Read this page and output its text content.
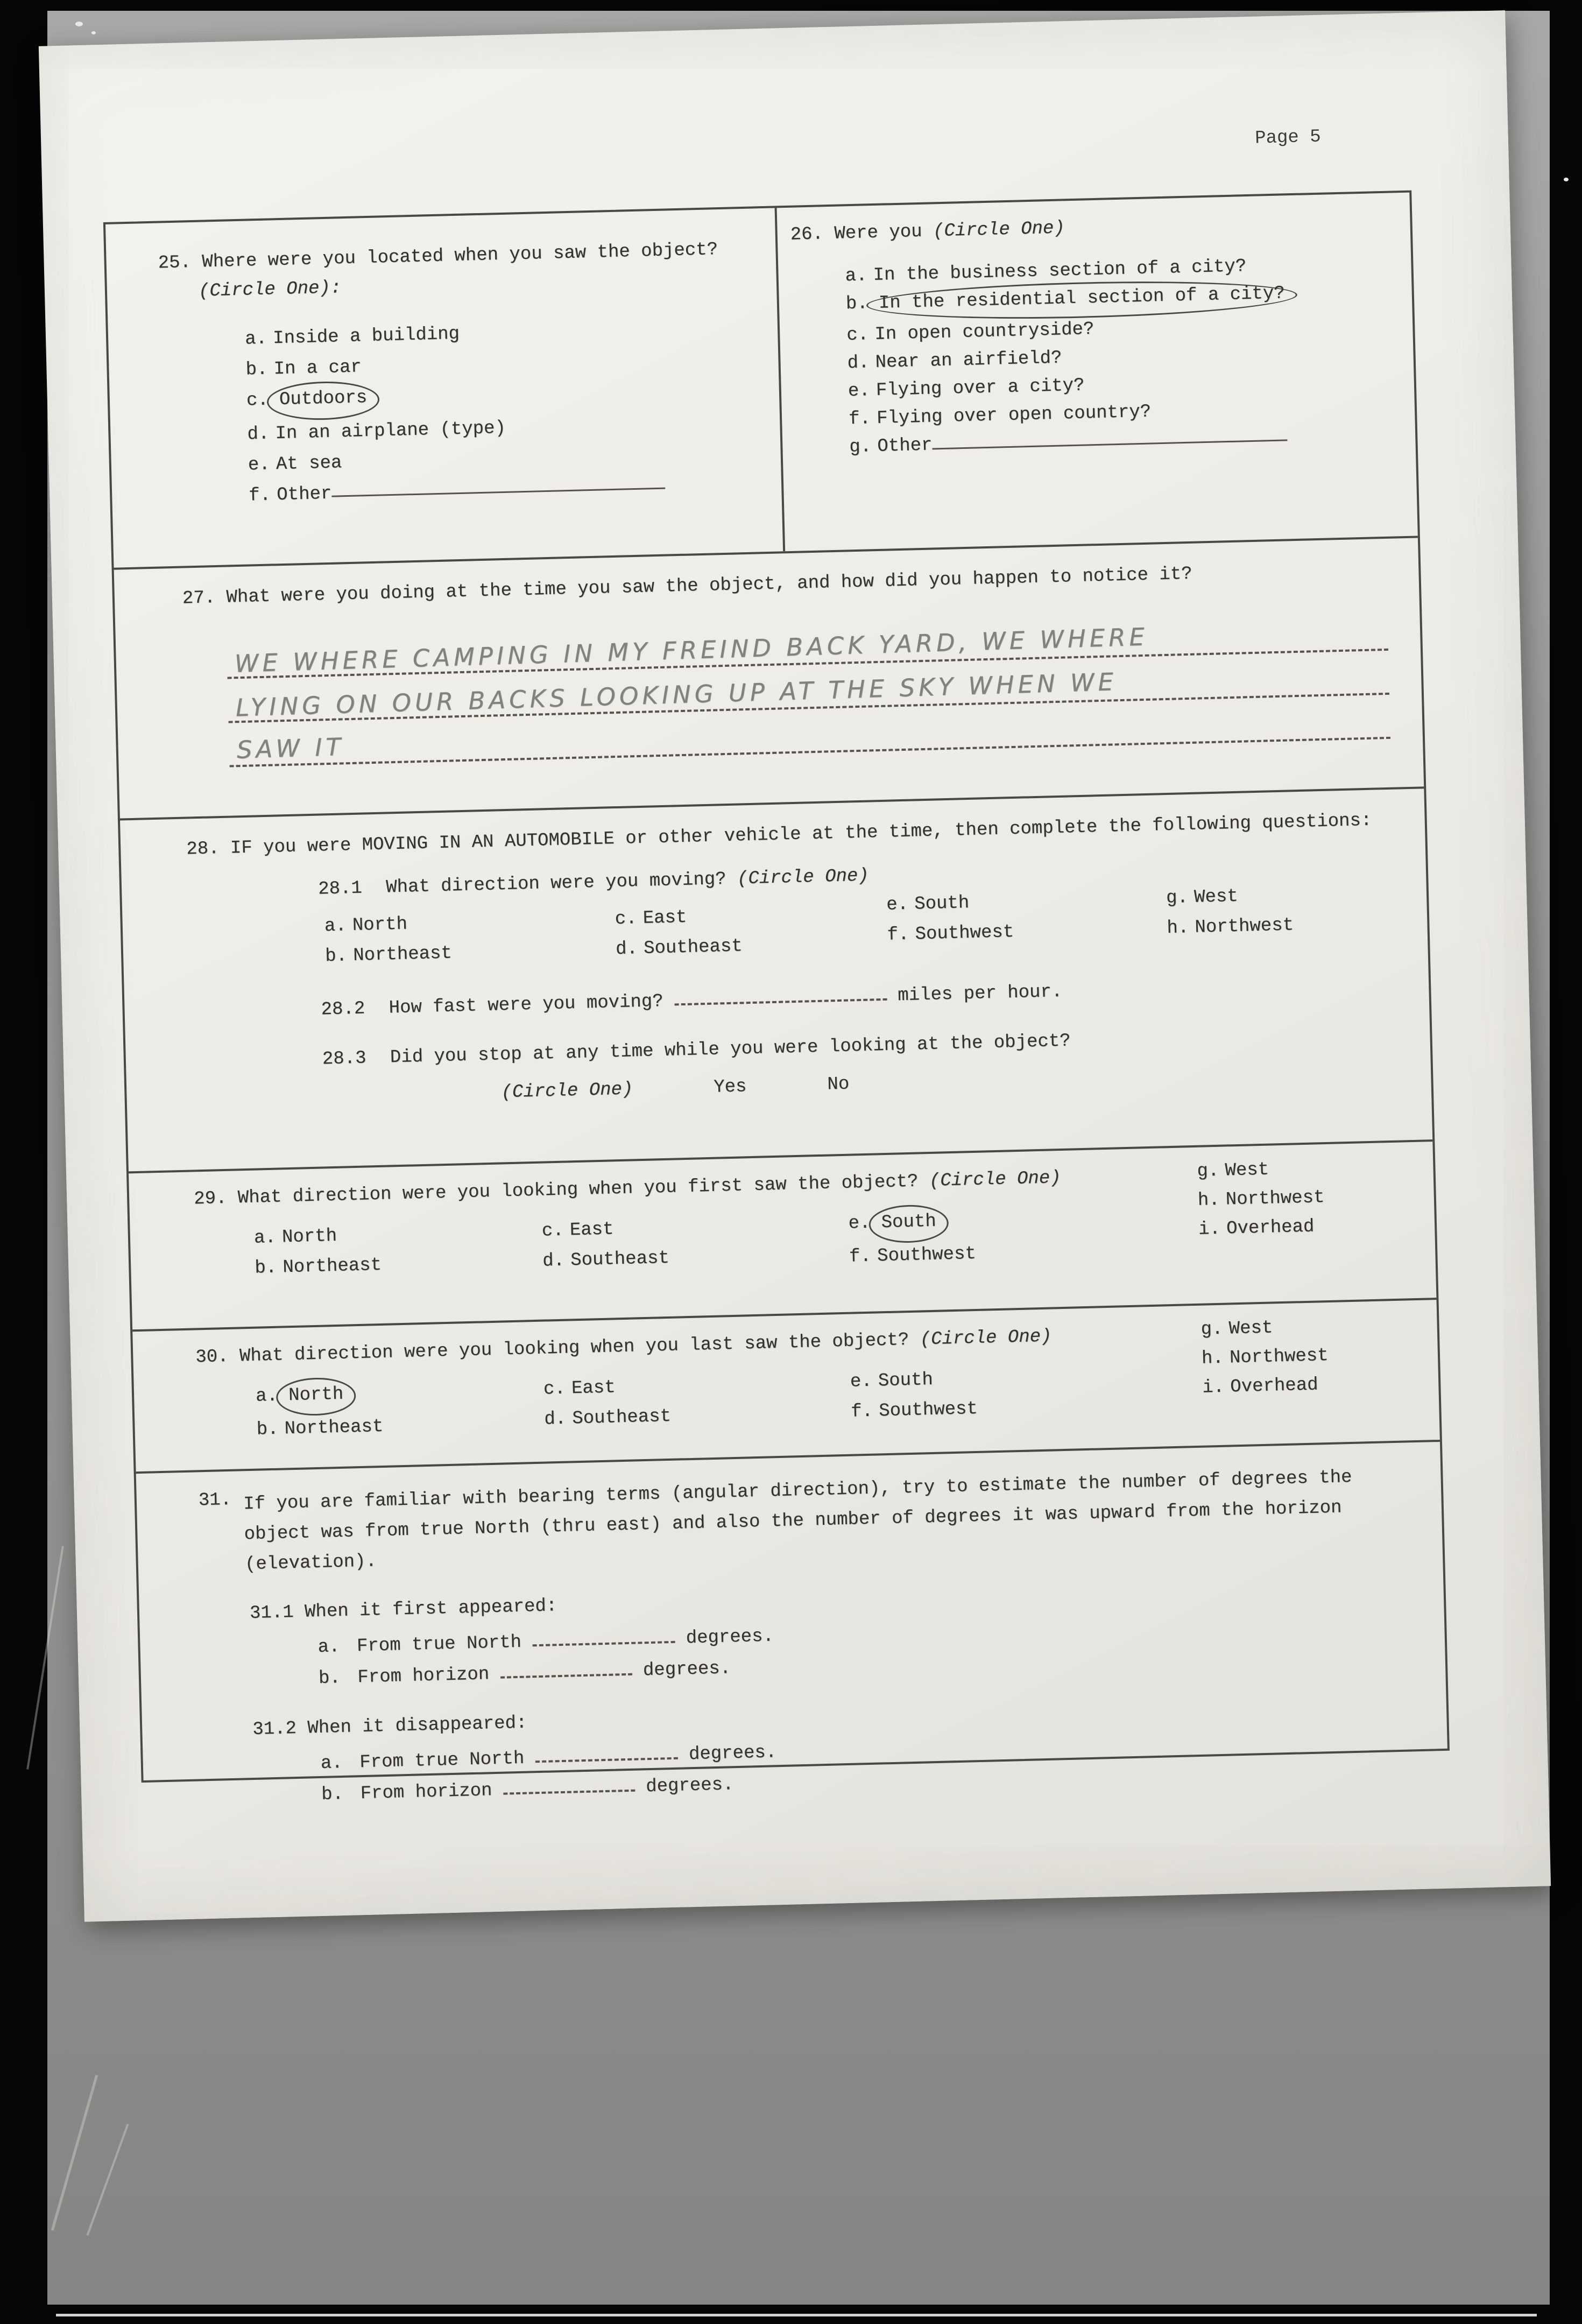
Page 5
25. Where were you located when you saw the object?
(Circle One):
a. Inside a building
b. In a car
c. Outdoors
d. In an airplane (type)
e. At sea
f. Other
26. Were you (Circle One)
a. In the business section of a city?
b. In the residential section of a city?
c. In open countryside?
d. Near an airfield?
e. Flying over a city?
f. Flying over open country?
g. Other
27. What were you doing at the time you saw the object, and how did you happen to notice it?
WE WHERE CAMPING IN MY FREIND BACK YARD, WE WHERE
LYING ON OUR BACKS LOOKING UP AT THE SKY WHEN WE
SAW IT
28. IF you were MOVING IN AN AUTOMOBILE or other vehicle at the time, then complete the following questions:
28.1 What direction were you moving? (Circle One)
a. North
b. Northeast
c. East
d. Southeast
e. South
f. Southwest
g. West
h. Northwest
28.2 How fast were you moving?	miles per hour.
28.3 Did you stop at any time while you were looking at the object?
(Circle One)	Yes	No
29. What direction were you looking when you first saw the object? (Circle One)
a. North
b. Northeast
c. East
d. Southeast
e. South
f. Southwest
g. West
h. Northwest
i. Overhead
30. What direction were you looking when you last saw the object? (Circle One)
a. North
b. Northeast
c. East
d. Southeast
e. South
f. Southwest
g. West
h. Northwest
i. Overhead
31. If you are familiar with bearing terms (angular direction), try to estimate the number of degrees the object was from true North (thru east) and also the number of degrees it was upward from the horizon (elevation).
31.1 When it first appeared:
a. From true North	degrees.
b. From horizon	degrees.
31.2 When it disappeared:
a. From true North	degrees.
b. From horizon	degrees.
